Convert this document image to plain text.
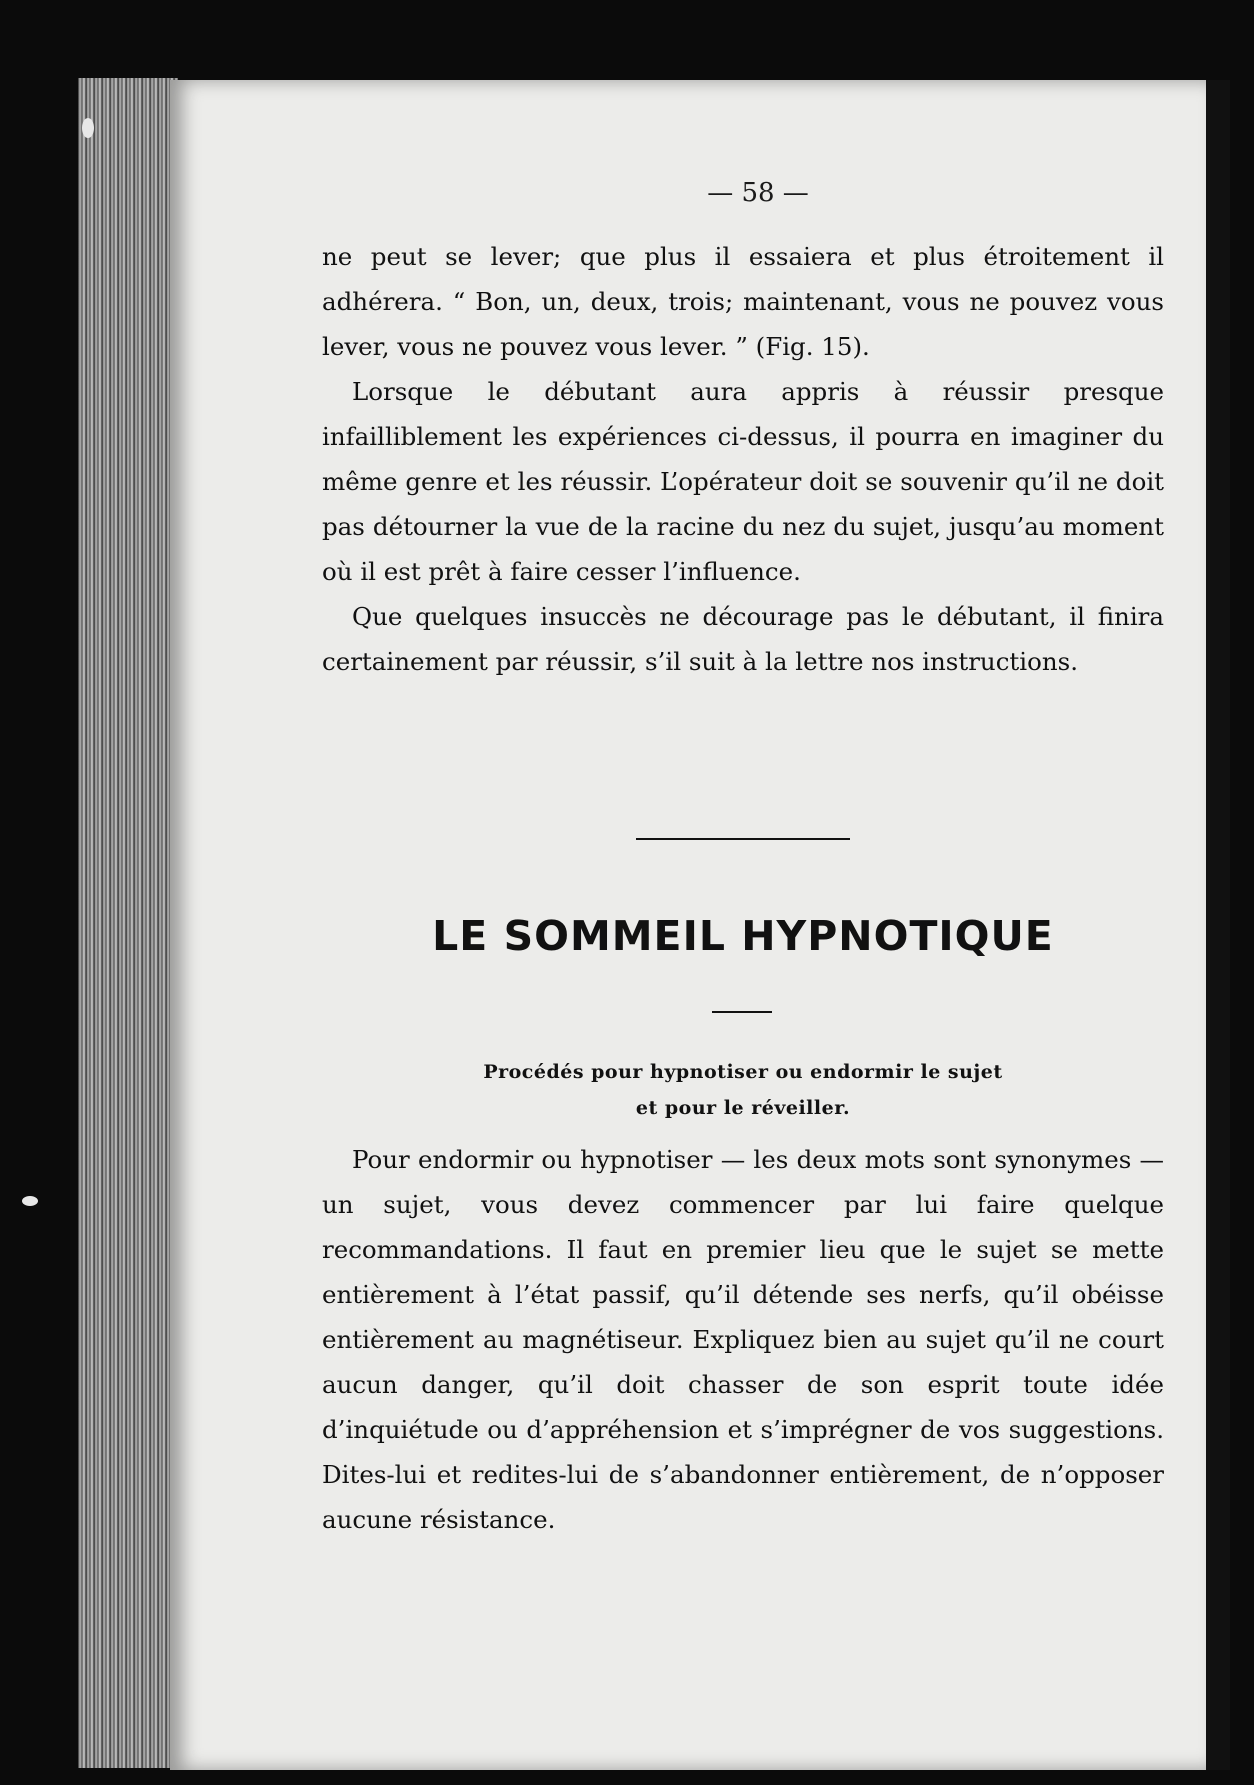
— 58 —

ne peut se lever; que plus il essaiera et plus étroitement il adhérera. “ Bon, un, deux, trois; maintenant, vous ne pouvez vous lever, vous ne pouvez vous lever. ” (Fig. 15).

Lorsque le débutant aura appris à réussir presque infailliblement les expériences ci-dessus, il pourra en imaginer du même genre et les réussir. L’opérateur doit se souvenir qu’il ne doit pas détourner la vue de la racine du nez du sujet, jusqu’au moment où il est prêt à faire cesser l’influence.

Que quelques insuccès ne décourage pas le débutant, il finira certainement par réussir, s’il suit à la lettre nos instructions.

LE SOMMEIL HYPNOTIQUE
Procédés pour hypnotiser ou endormir le sujet
et pour le réveiller.

Pour endormir ou hypnotiser — les deux mots sont synonymes — un sujet, vous devez commencer par lui faire quelque recommandations. Il faut en premier lieu que le sujet se mette entièrement à l’état passif, qu’il détende ses nerfs, qu’il obéisse entièrement au magnétiseur. Expliquez bien au sujet qu’il ne court aucun danger, qu’il doit chasser de son esprit toute idée d’inquiétude ou d’appréhension et s’imprégner de vos suggestions. Dites-lui et redites-lui de s’abandonner entièrement, de n’opposer aucune résistance.
